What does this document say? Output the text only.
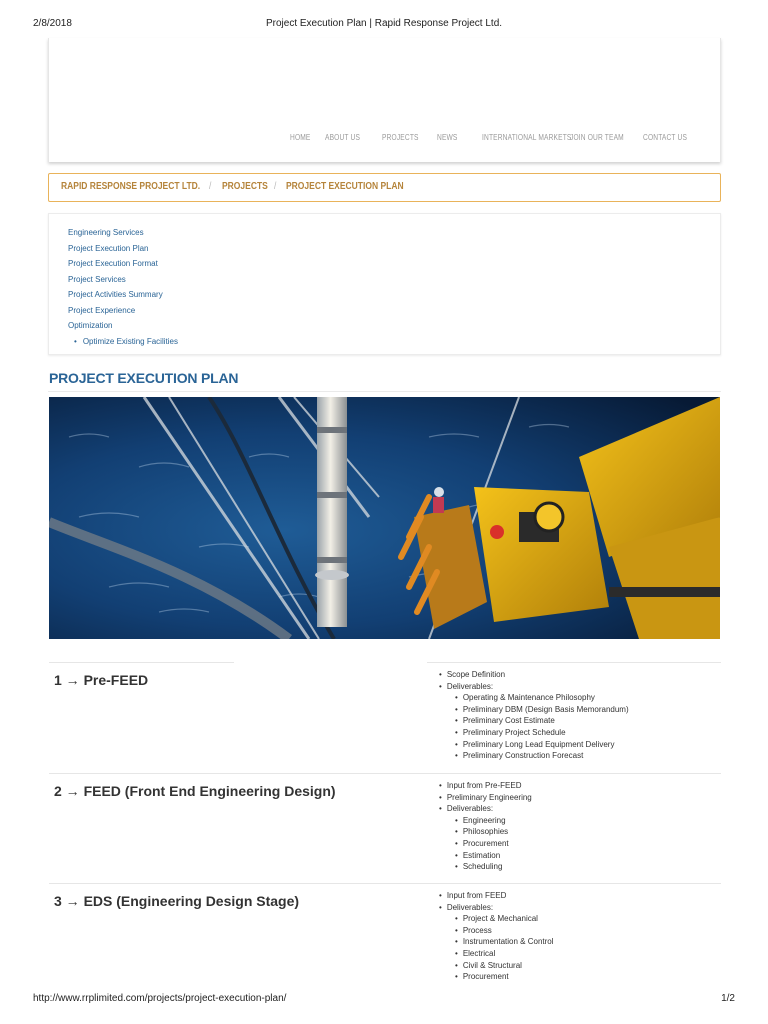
2/8/2018	Project Execution Plan | Rapid Response Project Ltd.
HOME ABOUT US	PROJECTS NEWS	INTERNATIONAL MARKETS
JOIN OUR TEAM CONTACT US
RAPID RESPONSE PROJECT LTD. / PROJECTS / PROJECT EXECUTION PLAN
Engineering Services
Project Execution Plan
Project Execution Format
Project Services
Project Activities Summary
Project Experience
Optimization
• Optimize Existing Facilities
PROJECT EXECUTION PLAN
1 → Pre-FEED	• Scope Definition
• Deliverables:
• Operating & Maintenance Philosophy
• Preliminary DBM (Design Basis Memorandum)
• Preliminary Cost Estimate
• Preliminary Project Schedule
• Preliminary Long Lead Equipment Delivery
• Preliminary Construction Forecast
2 → FEED (Front End Engineering Design)	• Input from Pre-FEED
• Preliminary Engineering
• Deliverables:
• Engineering
• Philosophies
• Procurement
• Estimation
• Scheduling
3 → EDS (Engineering Design Stage)	• Input from FEED
• Deliverables:
• Project & Mechanical
• Process
• Instrumentation & Control
• Electrical
• Civil & Structural
• Procurement
http://www.rrplimited.com/projects/project-execution-plan/	1/2
